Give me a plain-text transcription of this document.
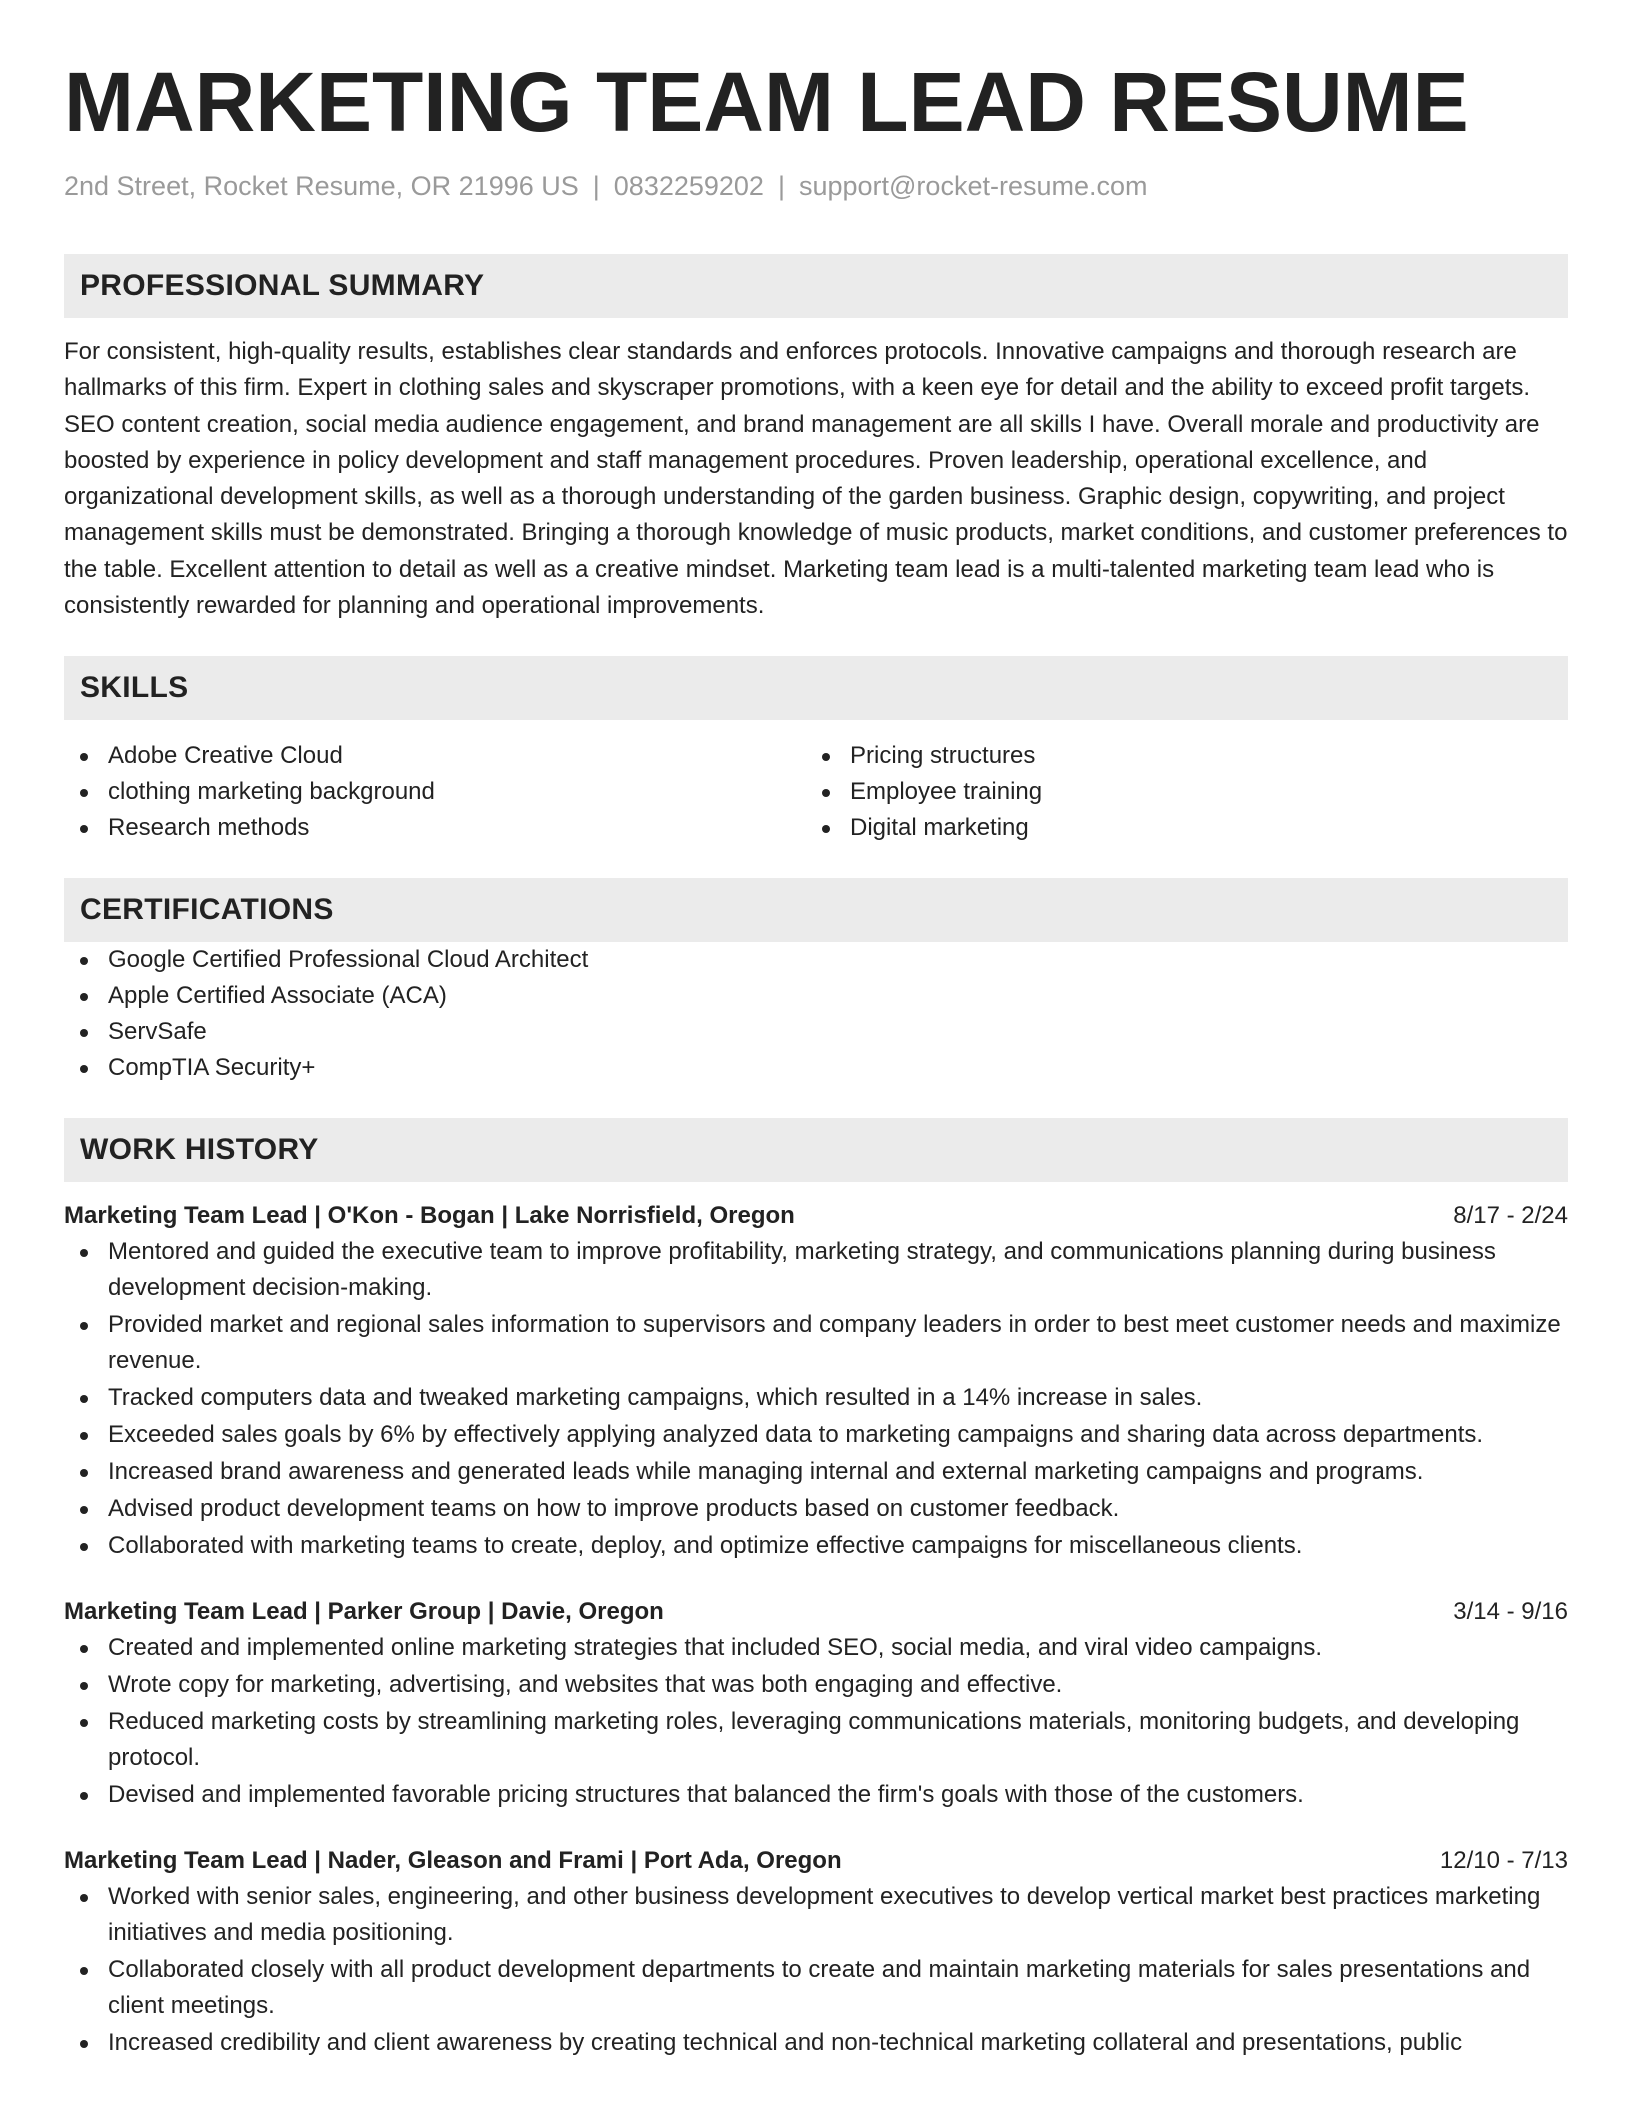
MARKETING TEAM LEAD RESUME
2nd Street, Rocket Resume, OR 21996 US | 0832259202 | support@rocket-resume.com
PROFESSIONAL SUMMARY

For consistent, high-quality results, establishes clear standards and enforces protocols. Innovative campaigns and thorough research are hallmarks of this firm. Expert in clothing sales and skyscraper promotions, with a keen eye for detail and the ability to exceed profit targets. SEO content creation, social media audience engagement, and brand management are all skills I have. Overall morale and productivity are boosted by experience in policy development and staff management procedures. Proven leadership, operational excellence, and organizational development skills, as well as a thorough understanding of the garden business. Graphic design, copywriting, and project management skills must be demonstrated. Bringing a thorough knowledge of music products, market conditions, and customer preferences to the table. Excellent attention to detail as well as a creative mindset. Marketing team lead is a multi-talented marketing team lead who is consistently rewarded for planning and operational improvements.

SKILLS
Adobe Creative Cloud
clothing marketing background
Research methods
Pricing structures
Employee training
Digital marketing
CERTIFICATIONS
Google Certified Professional Cloud Architect
Apple Certified Associate (ACA)
ServSafe
CompTIA Security+
WORK HISTORY
Marketing Team Lead | O'Kon - Bogan | Lake Norrisfield, Oregon	8/17 - 2/24
Mentored and guided the executive team to improve profitability, marketing strategy, and communications planning during business development decision-making.
Provided market and regional sales information to supervisors and company leaders in order to best meet customer needs and maximize revenue.
Tracked computers data and tweaked marketing campaigns, which resulted in a 14% increase in sales.
Exceeded sales goals by 6% by effectively applying analyzed data to marketing campaigns and sharing data across departments.
Increased brand awareness and generated leads while managing internal and external marketing campaigns and programs.
Advised product development teams on how to improve products based on customer feedback.
Collaborated with marketing teams to create, deploy, and optimize effective campaigns for miscellaneous clients.
Marketing Team Lead | Parker Group | Davie, Oregon	3/14 - 9/16
Created and implemented online marketing strategies that included SEO, social media, and viral video campaigns.
Wrote copy for marketing, advertising, and websites that was both engaging and effective.
Reduced marketing costs by streamlining marketing roles, leveraging communications materials, monitoring budgets, and developing protocol.
Devised and implemented favorable pricing structures that balanced the firm's goals with those of the customers.
Marketing Team Lead | Nader, Gleason and Frami | Port Ada, Oregon	12/10 - 7/13
Worked with senior sales, engineering, and other business development executives to develop vertical market best practices marketing initiatives and media positioning.
Collaborated closely with all product development departments to create and maintain marketing materials for sales presentations and client meetings.
Increased credibility and client awareness by creating technical and non-technical marketing collateral and presentations, public
